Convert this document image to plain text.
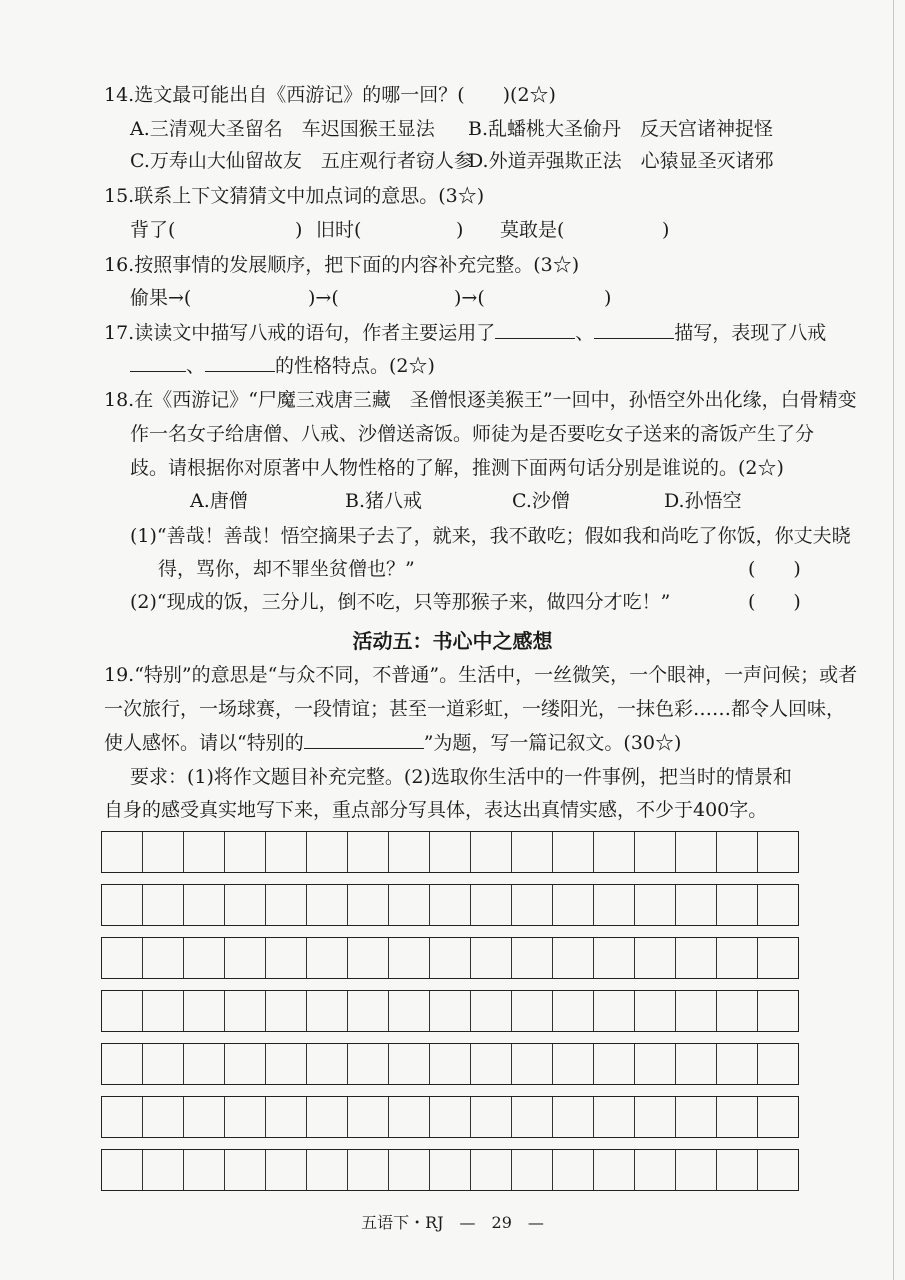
14.选文最可能出自《西游记》的哪一回？(　　)(2☆)
A.三清观大圣留名　车迟国猴王显法 B.乱蟠桃大圣偷丹　反天宫诸神捉怪
C.万寿山大仙留故友　五庄观行者窃人参
D.外道弄强欺正法　心猿显圣灭诸邪
15.联系上下文猜猜文中加点词的意思。(3☆)
背了(	) 旧时(	) 莫敢是(	)
16.按照事情的发展顺序，把下面的内容补充完整。(3☆)
偷果→(	)→(	)→(	)
17.读读文中描写八戒的语句，作者主要运用了	、	描写，表现了八戒
、	的性格特点。(2☆)
18.在《西游记》“尸魔三戏唐三藏　圣僧恨逐美猴王”一回中，孙悟空外出化缘，白骨精变
作一名女子给唐僧、八戒、沙僧送斋饭。师徒为是否要吃女子送来的斋饭产生了分
歧。请根据你对原著中人物性格的了解，推测下面两句话分别是谁说的。(2☆)
A.唐僧	B.猪八戒	C.沙僧	D.孙悟空
(1)“善哉！善哉！悟空摘果子去了，就来，我不敢吃；假如我和尚吃了你饭，你丈夫晓
得，骂你，却不罪坐贫僧也？”	(　　)
(2)“现成的饭，三分儿，倒不吃，只等那猴子来，做四分才吃！”	(　　)
活动五：书心中之感想
19.“特别”的意思是“与众不同，不普通”。生活中，一丝微笑，一个眼神，一声问候；或者
一次旅行，一场球赛，一段情谊；甚至一道彩虹，一缕阳光，一抹色彩……都令人回味，
使人感怀。请以“特别的	”为题，写一篇记叙文。(30☆)
要求：(1)将作文题目补充完整。(2)选取你生活中的一件事例，把当时的情景和
自身的感受真实地写下来，重点部分写具体，表达出真情实感，不少于400字。
五语下・RJ　—　29　—
